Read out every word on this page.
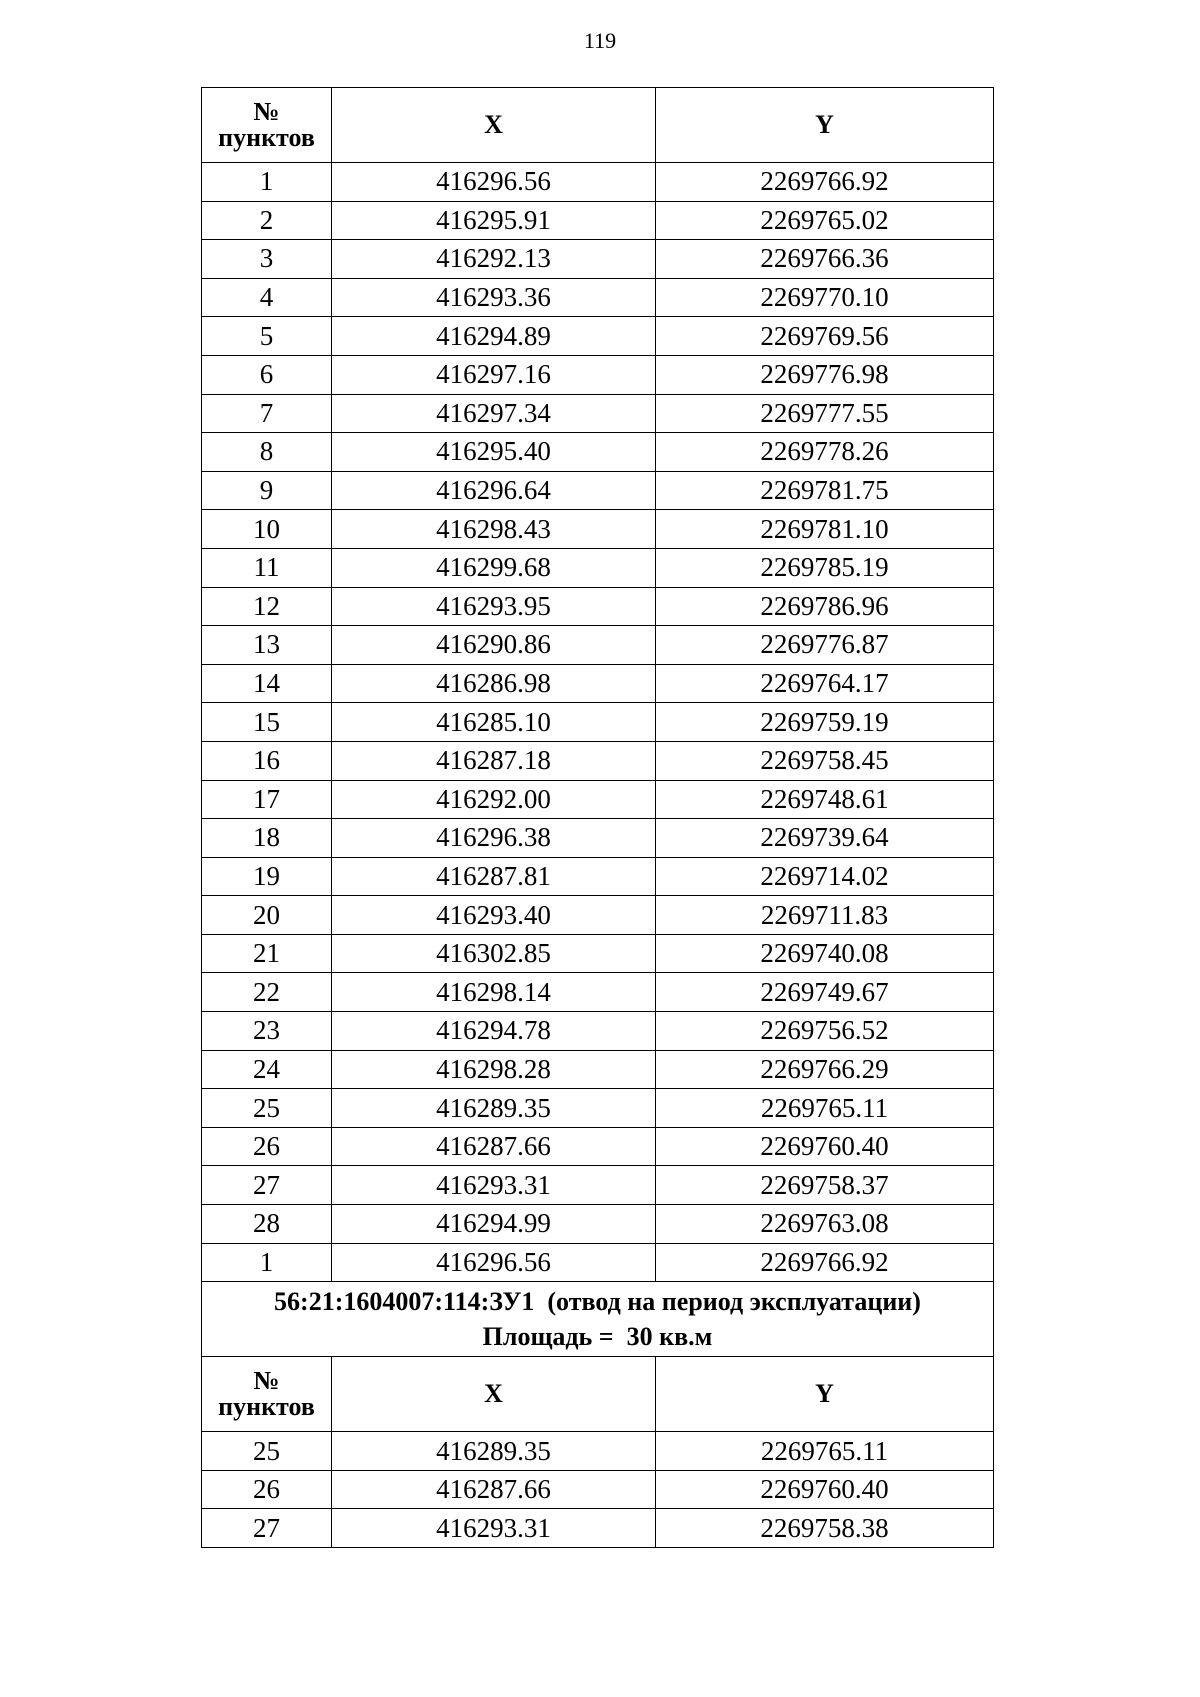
119
№
пунктов	X	Y
1	416296.56	2269766.92
2	416295.91	2269765.02
3	416292.13	2269766.36
4	416293.36	2269770.10
5	416294.89	2269769.56
6	416297.16	2269776.98
7	416297.34	2269777.55
8	416295.40	2269778.26
9	416296.64	2269781.75
10	416298.43	2269781.10
11	416299.68	2269785.19
12	416293.95	2269786.96
13	416290.86	2269776.87
14	416286.98	2269764.17
15	416285.10	2269759.19
16	416287.18	2269758.45
17	416292.00	2269748.61
18	416296.38	2269739.64
19	416287.81	2269714.02
20	416293.40	2269711.83
21	416302.85	2269740.08
22	416298.14	2269749.67
23	416294.78	2269756.52
24	416298.28	2269766.29
25	416289.35	2269765.11
26	416287.66	2269760.40
27	416293.31	2269758.37
28	416294.99	2269763.08
1	416296.56	2269766.92

56:21:1604007:114:ЗУ1  (отвод на период эксплуатации)
Площадь =  30 кв.м		

№
пунктов	X	Y
25	416289.35	2269765.11
26	416287.66	2269760.40
27	416293.31	2269758.38
